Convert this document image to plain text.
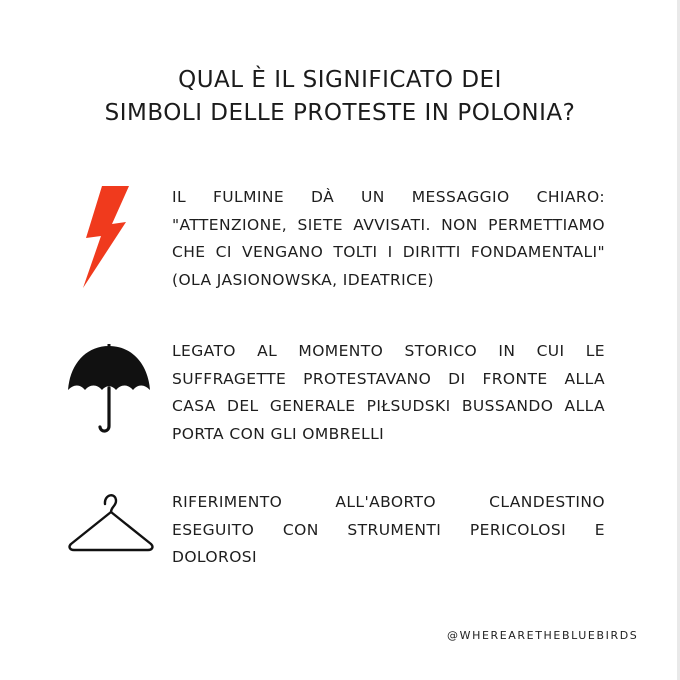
QUAL È IL SIGNIFICATO DEI
SIMBOLI DELLE PROTESTE IN POLONIA?
IL FULMINE DÀ UN MESSAGGIO CHIARO:
"ATTENZIONE, SIETE AVVISATI. NON PERMETTIAMO
CHE CI VENGANO TOLTI I DIRITTI FONDAMENTALI"
(OLA JASIONOWSKA, IDEATRICE)
LEGATO AL MOMENTO STORICO IN CUI LE
SUFFRAGETTE PROTESTAVANO DI FRONTE ALLA
CASA DEL GENERALE PIŁSUDSKI BUSSANDO ALLA
PORTA CON GLI OMBRELLI
RIFERIMENTO ALL'ABORTO CLANDESTINO
ESEGUITO CON STRUMENTI PERICOLOSI E
DOLOROSI
@WHEREARETHEBLUEBIRDS
